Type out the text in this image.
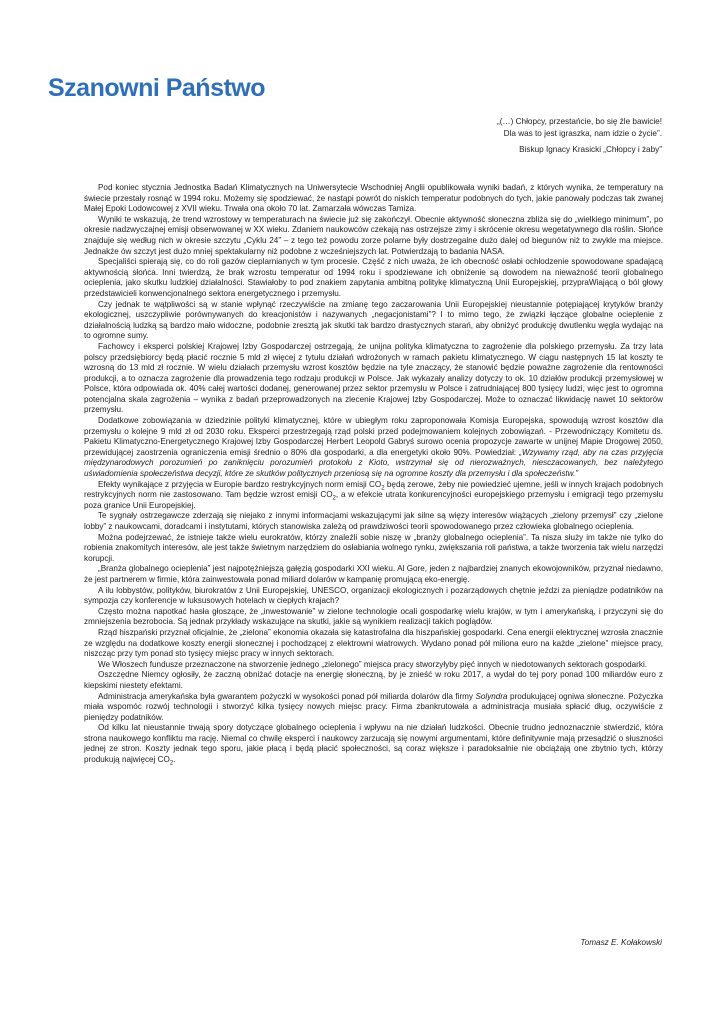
Szanowni Państwo
„(…) Chłopcy, przestańcie, bo się źle bawicie!
Dla was to jest igraszka, nam idzie o życie”.
Biskup Ignacy Krasicki „Chłopcy i żaby”

Pod koniec stycznia Jednostka Badań Klimatycznych na Uniwersytecie Wschodniej Anglii opublikowała wyniki badań, z których wynika, że temperatury na świecie przestały rosnąć w 1994 roku. Możemy się spodziewać, że nastąpi powrót do niskich temperatur podobnych do tych, jakie panowały podczas tak zwanej Małej Epoki Lodowcowej z XVII wieku. Trwała ona około 70 lat. Zamarzała wówczas Tamiza.

Wyniki te wskazują, że trend wzrostowy w temperaturach na świecie już się zakończył. Obecnie aktywność słoneczna zbliża się do „wielkiego minimum”, po okresie nadzwyczajnej emisji obserwowanej w XX wieku. Zdaniem naukowców czekają nas ostrzejsze zimy i skrócenie okresu wegetatywnego dla roślin. Słońce znajduje się według nich w okresie szczytu „Cyklu 24” – z tego też powodu zorze polarne były dostrzegalne dużo dalej od biegunów niż to zwykle ma miejsce. Jednakże ów szczyt jest dużo mniej spektakularny niż podobne z wcześniejszych lat. Potwierdzają to badania NASA.

Specjaliści spierają się, co do roli gazów cieplarnianych w tym procesie. Część z nich uważa, że ich obecność osłabi ochłodzenie spowodowane spadającą aktywnością słońca. Inni twierdzą, że brak wzrostu temperatur od 1994 roku i spodziewane ich obniżenie są dowodem na nieważność teorii globalnego ocieplenia, jako skutku ludzkiej działalności. Stawiałoby to pod znakiem zapytania ambitną politykę klimatyczną Unii Europejskiej, przypraWiającą o ból głowy przedstawicieli konwencjonalnego sektora energetycznego i przemysłu.

Czy jednak te wątpliwości są w stanie wpłynąć rzeczywiście na zmianę tego zaczarowania Unii Europejskiej nieustannie potępiającej krytyków branży ekologicznej, uszczypliwie porównywanych do kreacjonistów i nazywanych „negacjonistami”? I to mimo tego, że związki łączące globalne ocieplenie z działalnością ludzką są bardzo mało widoczne, podobnie zresztą jak skutki tak bardzo drastycznych starań, aby obniżyć produkcję dwutlenku węgla wydając na to ogromne sumy.

Fachowcy i eksperci polskiej Krajowej Izby Gospodarczej ostrzegają, że unijna polityka klimatyczna to zagrożenie dla polskiego przemysłu. Za trzy lata polscy przedsiębiorcy będą płacić rocznie 5 mld zł więcej z tytułu działań wdrożonych w ramach pakietu klimatycznego. W ciągu następnych 15 lat koszty te wzrosną do 13 mld zł rocznie. W wielu działach przemysłu wzrost kosztów będzie na tyle znaczący, że stanowić będzie poważne zagrożenie dla rentowności produkcji, a to oznacza zagrożenie dla prowadzenia tego rodzaju produkcji w Polsce. Jak wykazały analizy dotyczy to ok. 10 działów produkcji przemysłowej w Polsce, która odpowiada ok. 40% całej wartości dodanej, generowanej przez sektor przemysłu w Polsce i zatrudniającej 800 tysięcy ludzi, więc jest to ogromna potencjalna skala zagrożenia – wynika z badań przeprowadzonych na zlecenie Krajowej Izby Gospodarczej. Może to oznaczać likwidację nawet 10 sektorów przemysłu.

Dodatkowe zobowiązania w dziedzinie polityki klimatycznej, które w ubiegłym roku zaproponowała Komisja Europejska, spowodują wzrost kosztów dla przemysłu o kolejne 9 mld zł od 2030 roku. Eksperci przestrzegają rząd polski przed podejmowaniem kolejnych zobowiązań. - Przewodniczący Komitetu ds. Pakietu Klimatyczno-Energetycznego Krajowej Izby Gospodarczej Herbert Leopold Gabryś surowo ocenia propozycje zawarte w unijnej Mapie Drogowej 2050, przewidującej zaostrzenia ograniczenia emisji średnio o 80% dla gospodarki, a dla energetyki około 90%. Powiedział: „Wzywamy rząd, aby na czas przyjęcia międzynarodowych porozumień po zaniknięciu porozumień protokołu z Kioto, wstrzymał się od nierozważnych, niesczacowanych, bez należytego uświadomienia społeczeństwa decyzji, które ze skutków politycznych przeniosą się na ogromne koszty dla przemysłu i dla społeczeństw.”

Efekty wynikające z przyjęcia w Europie bardzo restrykcyjnych norm emisji $CO_2$ będą zerowe, żeby nie powiedzieć ujemne, jeśli w innych krajach podobnych restrykcyjnych norm nie zastosowano. Tam będzie wzrost emisji $CO_2$, a w efekcie utrata konkurencyjności europejskiego przemysłu i emigracji tego przemysłu poza granice Unii Europejskiej.

Te sygnały ostrzegawcze zderzają się niejako z innymi informacjami wskazującymi jak silne są więzy interesów wiążących „zielony przemysł” czy „zielone lobby” z naukowcami, doradcami i instytutami, których stanowiska zależą od prawdziwości teorii spowodowanego przez człowieka globalnego ocieplenia.

Można podejrzewać, że istnieje także wielu eurokratów, którzy znaleźli sobie niszę w „branży globalnego ocieplenia”. Ta nisza służy im także nie tylko do robienia znakomitych interesów, ale jest także świetnym narzędziem do osłabiania wolnego rynku, zwiększania roli państwa, a także tworzenia tak wielu narzędzi korupcji.

„Branża globalnego ocieplenia” jest najpotężniejszą gałęzią gospodarki XXI wieku. Al Gore, jeden z najbardziej znanych ekowojowników, przyznał niedawno, że jest partnerem w firmie, która zainwestowała ponad miliard dolarów w kampanię promującą eko-energię.

A ilu lobbystów, polityków, biurokratów z Unii Europejskiej, UNESCO, organizacji ekologicznych i pozarządowych chętnie jeździ za pieniądze podatników na sympozja czy konferencje w luksusowych hotelach w ciepłych krajach?

Często można napotkać hasła głoszące, że „inwestowanie” w zielone technologie ocali gospodarkę wielu krajów, w tym i amerykańską, i przyczyni się do zmniejszenia bezrobocia. Są jednak przykłady wskazujące na skutki, jakie są wynikiem realizacji takich poglądów.

Rząd hiszpański przyznał oficjalnie, że „zielona” ekonomia okazała się katastrofalna dla hiszpańskiej gospodarki. Cena energii elektrycznej wzrosła znacznie ze względu na dodatkowe koszty energii słonecznej i pochodzącej z elektrowni wiatrowych. Wydano ponad pół miliona euro na każde „zielone” miejsce pracy, niszcząc przy tym ponad sto tysięcy miejsc pracy w innych sektorach.

We Włoszech fundusze przeznaczone na stworzenie jednego „zielonego” miejsca pracy stworzyłyby pięć innych w niedotowanych sektorach gospodarki.

Oszczędne Niemcy ogłosiły, że zaczną obniżać dotacje na energię słoneczną, by je znieść w roku 2017, a wydał do tej pory ponad 100 miliardów euro z kiepskimi niestety efektami.

Administracja amerykańska była gwarantem pożyczki w wysokości ponad pół miliarda dolarów dla firmy Solyndra produkującej ogniwa słoneczne. Pożyczka miała wspomóc rozwój technologii i stworzyć kilka tysięcy nowych miejsc pracy. Firma zbankrutowała a administracja musiała spłacić dług, oczywiście z pieniędzy podatników.

Od kilku lat nieustannie trwają spory dotyczące globalnego ocieplenia i wpływu na nie działań ludzkości. Obecnie trudno jednoznacznie stwierdzić, która strona naukowego konfliktu ma rację. Niemal co chwilę eksperci i naukowcy zarzucają się nowymi argumentami, które definitywnie mają przesądzić o słuszności jednej ze stron. Koszty jednak tego sporu, jakie płacą i będą płacić społeczności, są coraz większe i paradoksalnie nie obciążają one zbytnio tych, którzy produkują najwięcej $CO_2$.

Tomasz E. Kołakowski
